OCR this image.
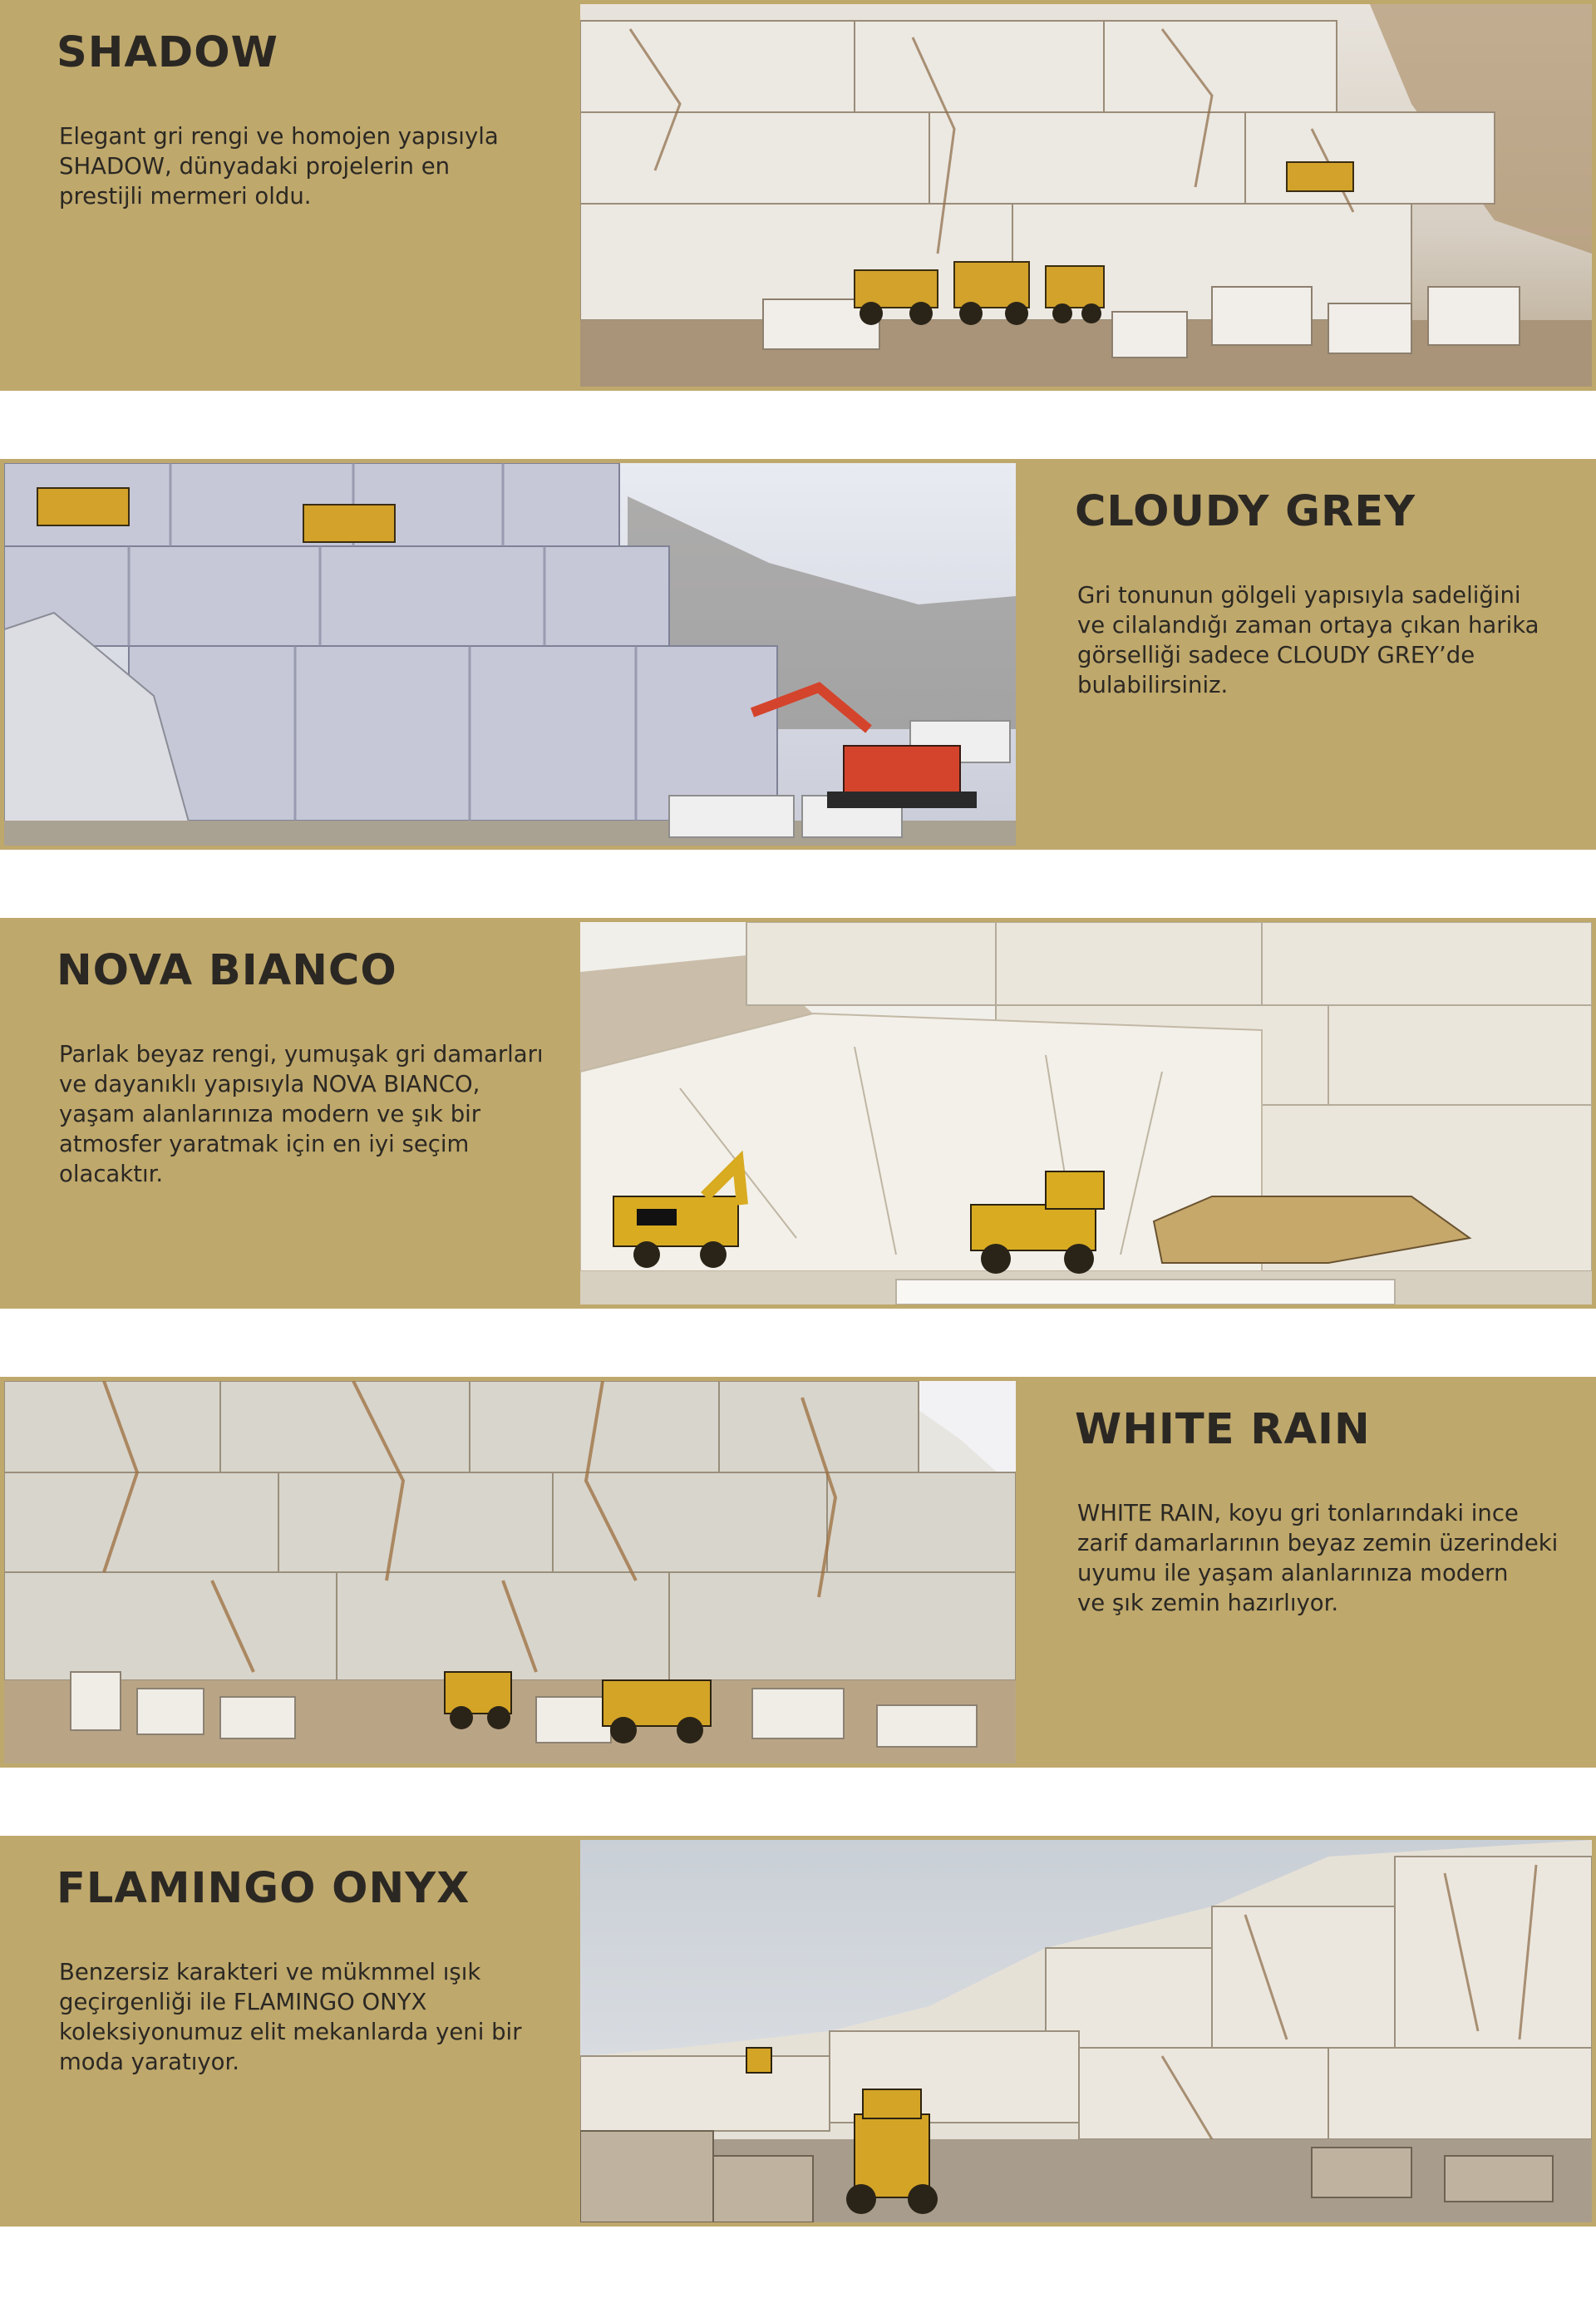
SHADOW

Elegant gri rengi ve homojen yapısıyla
SHADOW, dünyadaki projelerin en
prestijli mermeri oldu.

CLOUDY GREY

Gri tonunun gölgeli yapısıyla sadeliğini
ve cilalandığı zaman ortaya çıkan harika
görselliği sadece CLOUDY GREY’de
bulabilirsiniz.

NOVA BIANCO

Parlak beyaz rengi, yumuşak gri damarları
ve dayanıklı yapısıyla NOVA BIANCO,
yaşam alanlarınıza modern ve şık bir
atmosfer yaratmak için en iyi seçim
olacaktır.

WHITE RAIN

WHITE RAIN, koyu gri tonlarındaki ince
zarif damarlarının beyaz zemin üzerindeki
uyumu ile yaşam alanlarınıza modern
ve şık zemin hazırlıyor.

FLAMINGO ONYX

Benzersiz karakteri ve mükmmel ışık
geçirgenliği ile FLAMINGO ONYX
koleksiyonumuz elit mekanlarda yeni bir
moda yaratıyor.
